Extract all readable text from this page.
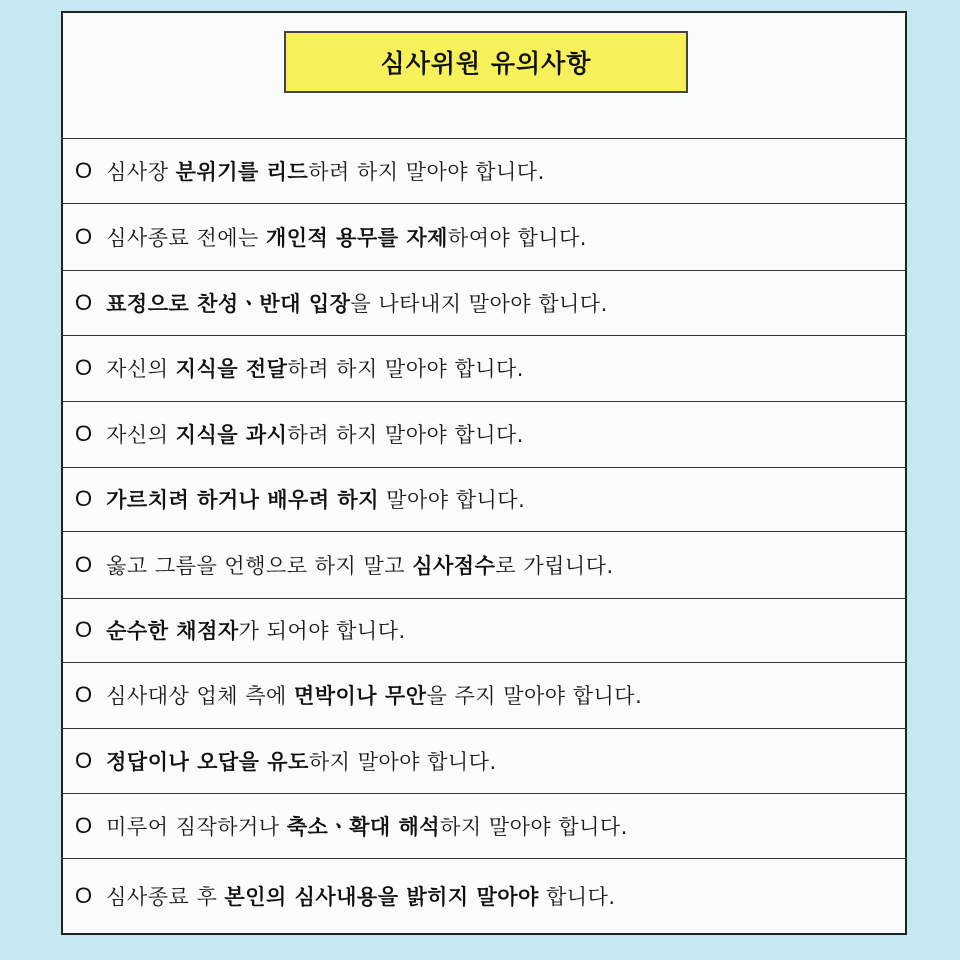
심사위원 유의사항
O 심사장 분위기를 리드하려 하지 말아야 합니다.
O 심사종료 전에는 개인적 용무를 자제하여야 합니다.
O 표정으로 찬성ㆍ반대 입장을 나타내지 말아야 합니다.
O 자신의 지식을 전달하려 하지 말아야 합니다.
O 자신의 지식을 과시하려 하지 말아야 합니다.
O 가르치려 하거나 배우려 하지 말아야 합니다.
O 옳고 그름을 언행으로 하지 말고 심사점수로 가립니다.
O 순수한 채점자가 되어야 합니다.
O 심사대상 업체 측에 면박이나 무안을 주지 말아야 합니다.
O 정답이나 오답을 유도하지 말아야 합니다.
O 미루어 짐작하거나 축소ㆍ확대 해석하지 말아야 합니다.
O 심사종료 후 본인의 심사내용을 밝히지 말아야 합니다.
